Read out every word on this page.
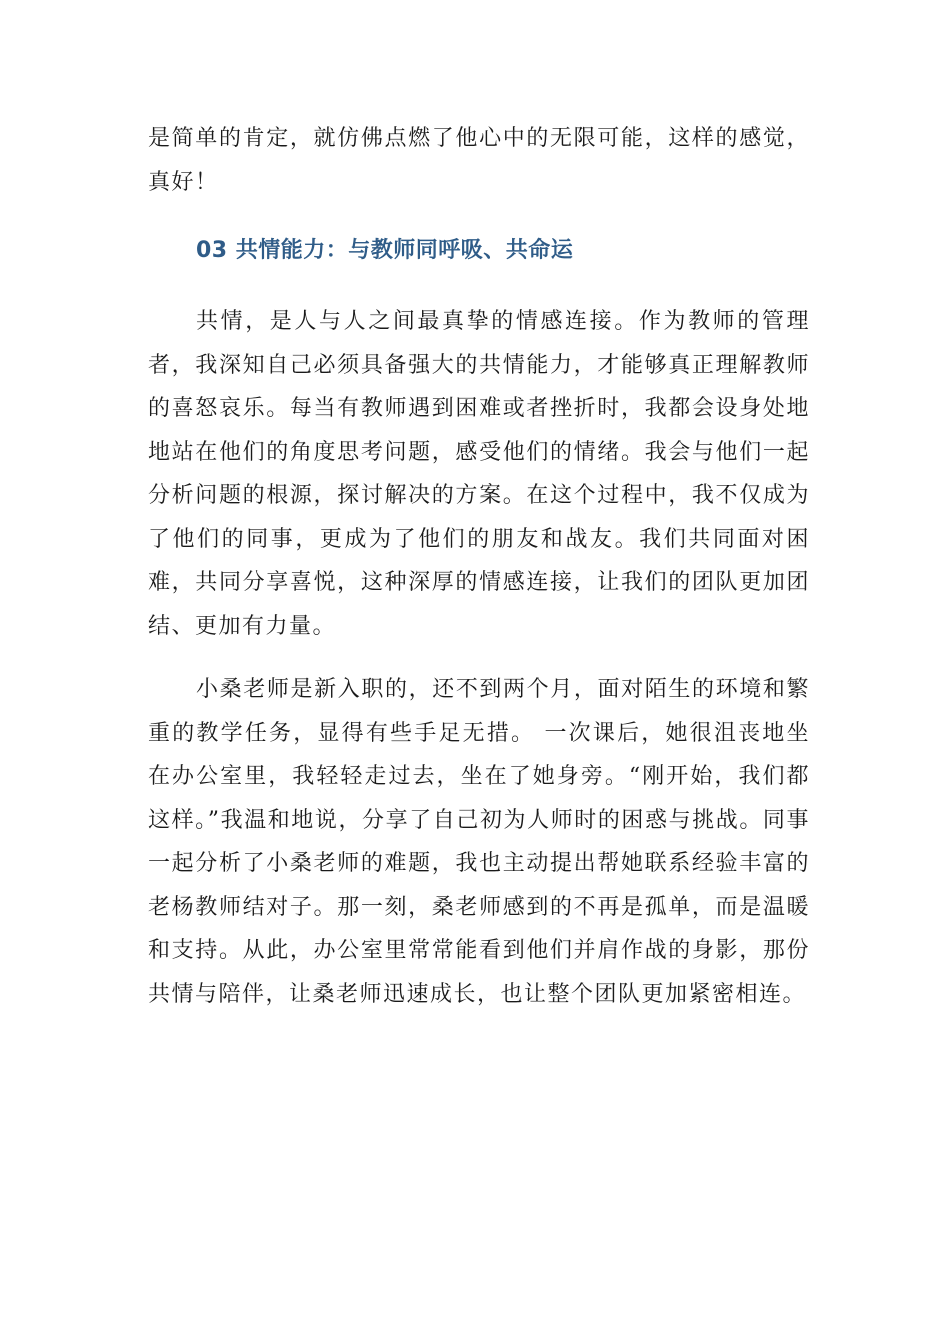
是简单的肯定，就仿佛点燃了他心中的无限可能，这样的感觉，真好！

03 共情能力：与教师同呼吸、共命运

共情，是人与人之间最真挚的情感连接。作为教师的管理者，我深知自己必须具备强大的共情能力，才能够真正理解教师的喜怒哀乐。每当有教师遇到困难或者挫折时，我都会设身处地地站在他们的角度思考问题，感受他们的情绪。我会与他们一起分析问题的根源，探讨解决的方案。在这个过程中，我不仅成为了他们的同事，更成为了他们的朋友和战友。我们共同面对困难，共同分享喜悦，这种深厚的情感连接，让我们的团队更加团结、更加有力量。

小桑老师是新入职的，还不到两个月，面对陌生的环境和繁重的教学任务，显得有些手足无措。 一次课后，她很沮丧地坐在办公室里，我轻轻走过去，坐在了她身旁。“刚开始，我们都这样。”我温和地说，分享了自己初为人师时的困惑与挑战。同事一起分析了小桑老师的难题，我也主动提出帮她联系经验丰富的老杨教师结对子。那一刻，桑老师感到的不再是孤单，而是温暖和支持。从此，办公室里常常能看到他们并肩作战的身影，那份共情与陪伴，让桑老师迅速成长，也让整个团队更加紧密相连。
